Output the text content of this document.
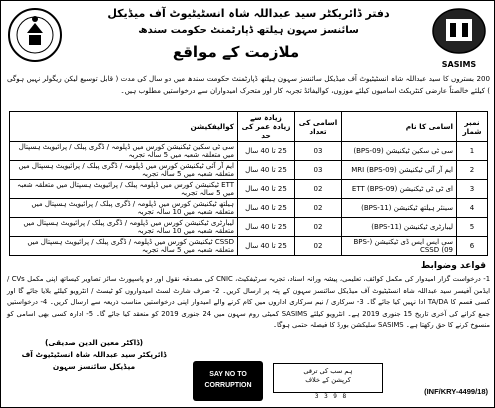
SASIMS
دفتر ڈائریکٹر سید عبداللہ شاہ انسٹیٹیوٹ آف میڈیکل
سائنسز سہون ہیلتھ ڈپارٹمنٹ حکومت سندھ
ملازمت کے مواقع
200 بستروں کا سید عبداللہ شاہ انسٹیٹیوٹ آف میڈیکل سائنسز سہون ہیلتھ ڈپارٹمنٹ حکومت سندھ میں دو سال کی مدت ( قابل توسیع لیکن ریگولر نہیں ہوگی ) کیلئے خالصتاً عارضی کنٹریکٹ اسامیوں کیلئے موزوں، کوالیفائڈ تجربہ کار اور متحرک امیدواران سے درخواستیں مطلوب ہیں۔
نمبر شمار	اسامی کا نام	اسامی کی تعداد	زیادہ سے زیادہ عمر کی حد	کوالیفکیشن
1	سی ٹی سکین ٹیکنیشن (BPS-09)	03	25 تا 40 سال	سی ٹی سکین ٹیکنیشن کورس میں ڈپلومہ / ڈگری پبلک / پرائیویٹ ہسپتال میں متعلقہ شعبہ میں 5 سالہ تجربہ
2	ایم آر آئی ٹیکنیشن (BPS-09) MRI	03	25 تا 40 سال	ایم آر آئی ٹیکنیشن کورس میں ڈپلومہ / ڈگری پبلک / پرائیویٹ ہسپتال میں متعلقہ شعبہ میں 5 سالہ تجربہ
3	ای ٹی ٹی ٹیکنیشن (BPS-09) ETT	02	25 تا 40 سال	ETT ٹیکنیشن کورس میں ڈپلومہ پبلک / پرائیویٹ ہسپتال میں متعلقہ شعبہ میں 5 سالہ تجربہ
4	سینئر ہیلتھ ٹیکنیشن (BPS-11)	02	25 تا 40 سال	ہیلتھ ٹیکنیشن کورس میں ڈپلومہ / ڈگری پبلک / پرائیویٹ ہسپتال میں متعلقہ شعبہ میں 10 سالہ تجربہ
5	لیبارٹری ٹیکنیشن (BPS-11)	02	25 تا 40 سال	لیبارٹری ٹیکنیشن کورس میں ڈپلومہ / ڈگری پبلک / پرائیویٹ ہسپتال میں متعلقہ شعبہ میں 10 سالہ تجربہ
6	سی ایس ایس ڈی ٹیکنیشن (BPS-09) CSSD	02	25 تا 40 سال	CSSD ٹیکنیشن کورس میں ڈپلومہ / ڈگری پبلک / پرائیویٹ ہسپتال میں متعلقہ شعبہ میں 5 سالہ تجربہ
قواعد وضوابط
1- درخواست گزار امیدوار کی مکمل کوائف، تعلیمی، پیشہ ورانہ اسناد، تجربہ سرٹیفکیٹ، CNIC کی مصدقہ نقول اور دو پاسپورٹ سائز تصاویر کیساتھ اپنی مکمل CVs / ایڈمن آفیسر سید عبداللہ شاہ انسٹیٹیوٹ آف میڈیکل سائنسز سہون کے پتہ پر ارسال کریں۔ 2- صرف شارٹ لسٹ امیدواروں کو ٹیسٹ / انٹرویو کیلئے بلایا جائے گا اور کسی قسم کا TA/DA ادا نہیں کیا جائے گا۔ 3- سرکاری / نیم سرکاری اداروں میں کام کرنے والے امیدوار اپنی درخواستیں مناسب ذریعہ سے ارسال کریں۔ 4- درخواستیں جمع کرانے کی آخری تاریخ 15 جنوری 2019 ہے۔ انٹرویو کیلئے SASIMS کمیٹی روم سہون میں 24 جنوری 2019 کو منعقد کیا جائے گا۔ 5- ادارہ کسی بھی اسامی کو منسوخ کرنے کا حق رکھتا ہے۔ SASIMS سلیکشن بورڈ کا فیصلہ حتمی ہوگا۔
(ڈاکٹر معین الدین صدیقی)
ڈائریکٹر سید عبداللہ شاہ انسٹیٹیوٹ آف
میڈیکل سائنسز سہون
SAY NO TO
CORRUPTION
ہم سب کی ترقی
کرپشن کے خلاف
3 3 9 8
(INF/KRY-4499/18)
